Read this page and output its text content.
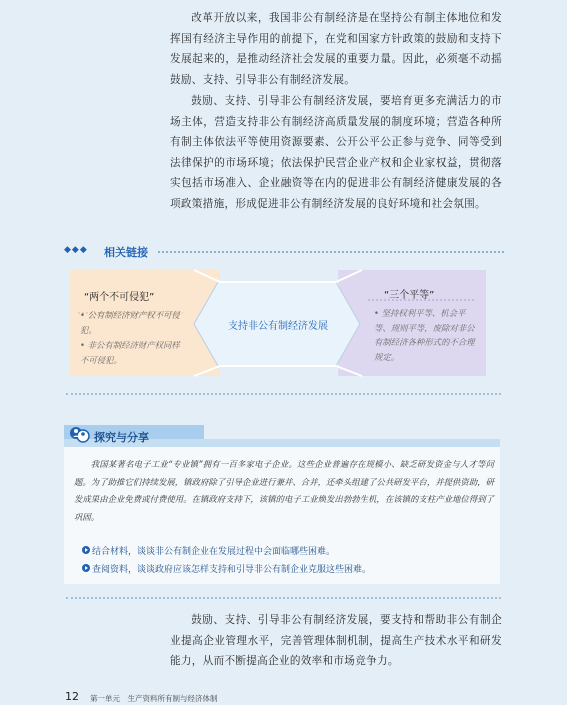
改革开放以来，我国非公有制经济是在坚持公有制主体地位和发挥国有经济主导作用的前提下，在党和国家方针政策的鼓励和支持下发展起来的，是推动经济社会发展的重要力量。因此，必须毫不动摇鼓励、支持、引导非公有制经济发展。

鼓励、支持、引导非公有制经济发展，要培育更多充满活力的市场主体，营造支持非公有制经济高质量发展的制度环境；营造各种所有制主体依法平等使用资源要素、公开公平公正参与竞争、同等受到法律保护的市场环境；依法保护民营企业产权和企业家权益，贯彻落实包括市场准入、企业融资等在内的促进非公有制经济健康发展的各项政策措施，形成促进非公有制经济发展的良好环境和社会氛围。

◆◆◆ 相关链接
“两个不可侵犯”
• 公有制经济财产权不可侵犯。
• 非公有制经济财产权同样不可侵犯。
支持非公有制经济发展
“三个平等”
• 坚持权利平等、机会平等、规则平等，废除对非公有制经济各种形式的不合理规定。
探究与分享

我国某著名电子工业“专业镇”拥有一百多家电子企业。这些企业普遍存在规模小、缺乏研发资金与人才等问题。为了助推它们持续发展，镇政府除了引导企业进行兼并、合并，还牵头组建了公共研发平台，并提供资助，研发成果由企业免费或付费使用。在镇政府支持下，该镇的电子工业焕发出勃勃生机，在该镇的支柱产业地位得到了巩固。

结合材料，谈谈非公有制企业在发展过程中会面临哪些困难。
查阅资料，谈谈政府应该怎样支持和引导非公有制企业克服这些困难。

鼓励、支持、引导非公有制经济发展，要支持和帮助非公有制企业提高企业管理水平，完善管理体制机制，提高生产技术水平和研发能力，从而不断提高企业的效率和市场竞争力。

12 第一单元　生产资料所有制与经济体制
